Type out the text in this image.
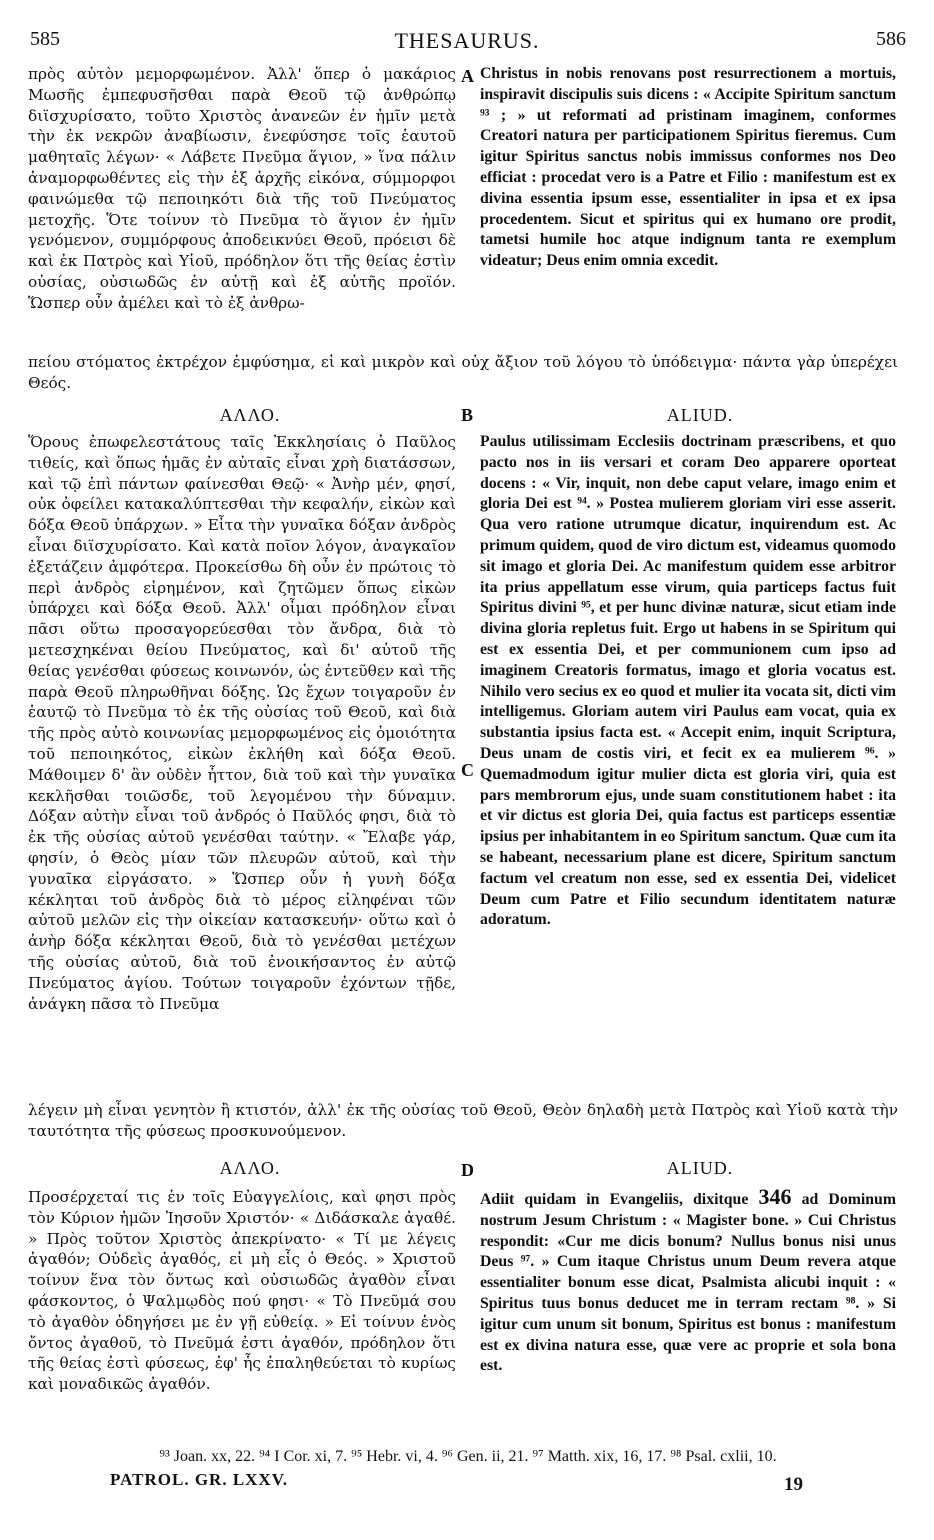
585	THESAURUS.	586
πρὸς αὐτὸν μεμορφωμένον. Ἀλλ' ὅπερ ὁ μακάριος Μωσῆς ἐμπεφυσῆσθαι παρὰ Θεοῦ τῷ ἀνθρώπῳ διϊσχυρίσατο, τοῦτο Χριστὸς ἀνανεῶν ἐν ἡμῖν μετὰ τὴν ἐκ νεκρῶν ἀναβίωσιν, ἐνεφύσησε τοῖς ἑαυτοῦ μαθηταῖς λέγων· « Λάβετε Πνεῦμα ἅγιον, » ἵνα πάλιν ἀναμορφωθέντες εἰς τὴν ἐξ ἀρχῆς εἰκόνα, σύμμορφοι φαινώμεθα τῷ πεποιηκότι διὰ τῆς τοῦ Πνεύματος μετοχῆς. Ὅτε τοίνυν τὸ Πνεῦμα τὸ ἅγιον ἐν ἡμῖν γενόμενον, συμμόρφους ἀποδεικνύει Θεοῦ, πρόεισι δὲ καὶ ἐκ Πατρὸς καὶ Υἱοῦ, πρόδηλον ὅτι τῆς θείας ἐστὶν οὐσίας, οὐσιωδῶς ἐν αὐτῇ καὶ ἐξ αὐτῆς προϊόν. Ὥσπερ οὖν ἀμέλει καὶ τὸ ἐξ ἀνθρω-
A Christus in nobis renovans post resurrectionem a mortuis, inspiravit discipulis suis dicens : « Accipite Spiritum sanctum ⁹³ ; » ut reformati ad pristinam imaginem, conformes Creatori natura per participationem Spiritus fieremus. Cum igitur Spiritus sanctus nobis immissus conformes nos Deo efficiat : procedat vero is a Patre et Filio : manifestum est ex divina essentia ipsum esse, essentialiter in ipsa et ex ipsa procedentem. Sicut et spiritus qui ex humano ore prodit, tametsi humile hoc atque indignum tanta re exemplum videatur; Deus enim omnia excedit.
πείου στόματος ἐκτρέχον ἐμφύσημα, εἰ καὶ μικρὸν καὶ οὐχ ἄξιον τοῦ λόγου τὸ ὑπόδειγμα· πάντα γὰρ ὑπερέχει Θεός.
ΑΛΛΟ.	B	ALIUD.
Ὅρους ἐπωφελεστάτους ταῖς Ἐκκλησίαις ὁ Παῦλος τιθείς, καὶ ὅπως ἡμᾶς ἐν αὐταῖς εἶναι χρὴ διατάσσων, καὶ τῷ ἐπὶ πάντων φαίνεσθαι Θεῷ· « Ἀνὴρ μέν, φησί, οὐκ ὀφείλει κατακαλύπτεσθαι τὴν κεφαλήν, εἰκὼν καὶ δόξα Θεοῦ ὑπάρχων. » Εἶτα τὴν γυναῖκα δόξαν ἀνδρὸς εἶναι διϊσχυρίσατο. Καὶ κατὰ ποῖον λόγον, ἀναγκαῖον ἐξετάζειν ἀμφότερα. Προκείσθω δὴ οὖν ἐν πρώτοις τὸ περὶ ἀνδρὸς εἰρημένον, καὶ ζητῶμεν ὅπως εἰκὼν ὑπάρχει καὶ δόξα Θεοῦ. Ἀλλ' οἶμαι πρόδηλον εἶναι πᾶσι οὕτω προσαγορεύεσθαι τὸν ἄνδρα, διὰ τὸ μετεσχηκέναι θείου Πνεύματος, καὶ δι' αὐτοῦ τῆς θείας γενέσθαι φύσεως κοινωνόν, ὡς ἐντεῦθεν καὶ τῆς παρὰ Θεοῦ πληρωθῆναι δόξης. Ὡς ἔχων τοιγαροῦν ἐν ἑαυτῷ τὸ Πνεῦμα τὸ ἐκ τῆς οὐσίας τοῦ Θεοῦ, καὶ διὰ τῆς πρὸς αὐτὸ κοινωνίας μεμορφωμένος εἰς ὁμοιότητα τοῦ πεποιηκότος, εἰκὼν ἐκλήθη καὶ δόξα Θεοῦ. Μάθοιμεν δ' ἂν οὐδὲν ἧττον, διὰ τοῦ καὶ τὴν γυναῖκα κεκλῆσθαι τοιῶσδε, τοῦ λεγομένου τὴν δύναμιν. Δόξαν αὐτὴν εἶναι τοῦ ἀνδρός ὁ Παῦλός φησι, διὰ τὸ ἐκ τῆς οὐσίας αὐτοῦ γενέσθαι ταύτην. « Ἔλαβε γάρ, φησίν, ὁ Θεὸς μίαν τῶν πλευρῶν αὐτοῦ, καὶ τὴν γυναῖκα εἰργάσατο. » Ὥσπερ οὖν ἡ γυνὴ δόξα κέκληται τοῦ ἀνδρὸς διὰ τὸ μέρος εἰληφέναι τῶν αὐτοῦ μελῶν εἰς τὴν οἰκείαν κατασκευήν· οὕτω καὶ ὁ ἀνὴρ δόξα κέκληται Θεοῦ, διὰ τὸ γενέσθαι μετέχων τῆς οὐσίας αὐτοῦ, διὰ τοῦ ἐνοικήσαντος ἐν αὐτῷ Πνεύματος ἁγίου. Τούτων τοιγαροῦν ἐχόντων τῇδε, ἀνάγκη πᾶσα τὸ Πνεῦμα
C
Paulus utilissimam Ecclesiis doctrinam præscribens, et quo pacto nos in iis versari et coram Deo apparere oporteat docens : « Vir, inquit, non debe caput velare, imago enim et gloria Dei est ⁹⁴. » Postea mulierem gloriam viri esse asserit. Qua vero ratione utrumque dicatur, inquirendum est. Ac primum quidem, quod de viro dictum est, videamus quomodo sit imago et gloria Dei. Ac manifestum quidem esse arbitror ita prius appellatum esse virum, quia particeps factus fuit Spiritus divini ⁹⁵, et per hunc divinæ naturæ, sicut etiam inde divina gloria repletus fuit. Ergo ut habens in se Spiritum qui est ex essentia Dei, et per communionem cum ipso ad imaginem Creatoris formatus, imago et gloria vocatus est. Nihilo vero secius ex eo quod et mulier ita vocata sit, dicti vim intelligemus. Gloriam autem viri Paulus eam vocat, quia ex substantia ipsius facta est. « Accepit enim, inquit Scriptura, Deus unam de costis viri, et fecit ex ea mulierem ⁹⁶. » Quemadmodum igitur mulier dicta est gloria viri, quia est pars membrorum ejus, unde suam constitutionem habet : ita et vir dictus est gloria Dei, quia factus est particeps essentiæ ipsius per inhabitantem in eo Spiritum sanctum. Quæ cum ita se habeant, necessarium plane est dicere, Spiritum sanctum factum vel creatum non esse, sed ex essentia Dei, videlicet Deum cum Patre et Filio secundum identitatem naturæ adoratum.
λέγειν μὴ εἶναι γενητὸν ἢ κτιστόν, ἀλλ' ἐκ τῆς οὐσίας τοῦ Θεοῦ, Θεὸν δηλαδὴ μετὰ Πατρὸς καὶ Υἱοῦ κατὰ τὴν ταυτότητα τῆς φύσεως προσκυνούμενον.
ΑΛΛΟ.	D	ALIUD.
Προσέρχεταί τις ἐν τοῖς Εὐαγγελίοις, καὶ φησι πρὸς τὸν Κύριον ἡμῶν Ἰησοῦν Χριστόν· « Διδάσκαλε ἀγαθέ. » Πρὸς τοῦτον Χριστὸς ἀπεκρίνατο· « Τί με λέγεις ἀγαθόν; Οὐδεὶς ἀγαθός, εἰ μὴ εἷς ὁ Θεός. » Χριστοῦ τοίνυν ἕνα τὸν ὄντως καὶ οὐσιωδῶς ἀγαθὸν εἶναι φάσκοντος, ὁ Ψαλμῳδὸς πού φησι· « Τὸ Πνεῦμά σου τὸ ἀγαθὸν ὁδηγήσει με ἐν γῇ εὐθείᾳ. » Εἰ τοίνυν ἑνὸς ὄντος ἀγαθοῦ, τὸ Πνεῦμά ἐστι ἀγαθόν, πρόδηλον ὅτι τῆς θείας ἐστὶ φύσεως, ἐφ' ἧς ἐπαληθεύεται τὸ κυρίως καὶ μοναδικῶς ἀγαθόν.
Adiit quidam in Evangeliis, dixitque 346 ad Dominum nostrum Jesum Christum : « Magister bone. » Cui Christus respondit: «Cur me dicis bonum? Nullus bonus nisi unus Deus ⁹⁷. » Cum itaque Christus unum Deum revera atque essentialiter bonum esse dicat, Psalmista alicubi inquit : « Spiritus tuus bonus deducet me in terram rectam ⁹⁸. » Si igitur cum unum sit bonum, Spiritus est bonus : manifestum est ex divina natura esse, quæ vere ac proprie et sola bona est.
⁹³ Joan. xx, 22. ⁹⁴ I Cor. xi, 7. ⁹⁵ Hebr. vi, 4. ⁹⁶ Gen. ii, 21. ⁹⁷ Matth. xix, 16, 17. ⁹⁸ Psal. cxlii, 10.
PATROL. GR. LXXV.	19
